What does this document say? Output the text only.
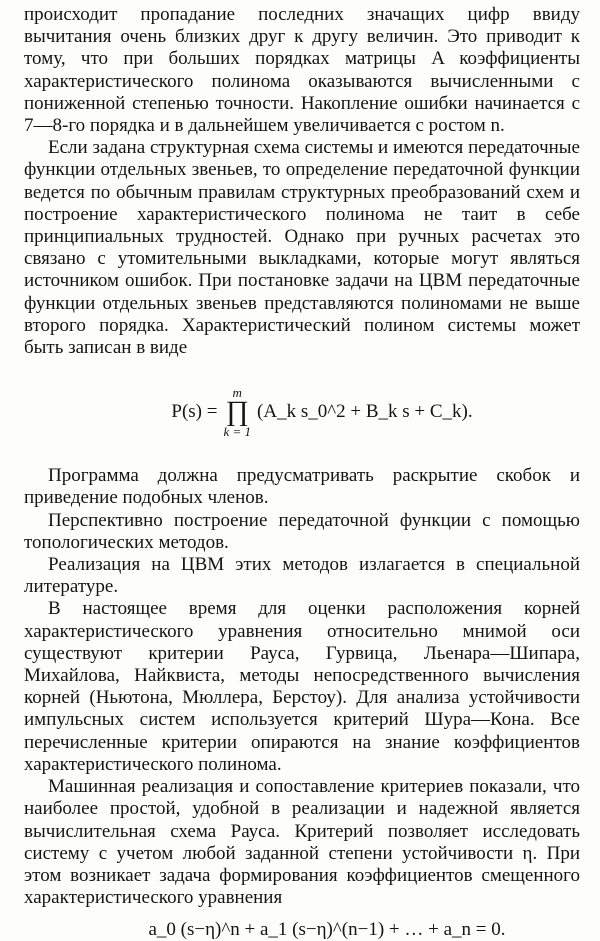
происходит пропадание последних значащих цифр ввиду вычитания очень близких друг к другу величин. Это приводит к тому, что при больших порядках матрицы A коэффициенты характеристического полинома оказываются вычисленными с пониженной степенью точности. Накопление ошибки начинается с 7—8-го порядка и в дальнейшем увеличивается с ростом n.

Если задана структурная схема системы и имеются передаточные функции отдельных звеньев, то определение передаточной функции ведется по обычным правилам структурных преобразований схем и построение характеристического полинома не таит в себе принципиальных трудностей. Однако при ручных расчетах это связано с утомительными выкладками, которые могут являться источником ошибок. При постановке задачи на ЦВМ передаточные функции отдельных звеньев представляются полиномами не выше второго порядка. Характеристический полином системы может быть записан в виде

P(s) =
m
∏
k = 1
(A_k s_0^2 + B_k s + C_k).

Программа должна предусматривать раскрытие скобок и приведение подобных членов.

Перспективно построение передаточной функции с помощью топологических методов.

Реализация на ЦВМ этих методов излагается в специальной литературе.

В настоящее время для оценки расположения корней характеристического уравнения относительно мнимой оси существуют критерии Рауса, Гурвица, Льенара—Шипара, Михайлова, Найквиста, методы непосредственного вычисления корней (Ньютона, Мюллера, Берстоу). Для анализа устойчивости импульсных систем используется критерий Шура—Кона. Все перечисленные критерии опираются на знание коэффициентов характеристического полинома.

Машинная реализация и сопоставление критериев показали, что наиболее простой, удобной в реализации и надежной является вычислительная схема Рауса. Критерий позволяет исследовать систему с учетом любой заданной степени устойчивости η. При этом возникает задача формирования коэффициентов смещенного характеристического уравнения

a_0 (s−η)^n + a_1 (s−η)^(n−1) + … + a_n = 0.
